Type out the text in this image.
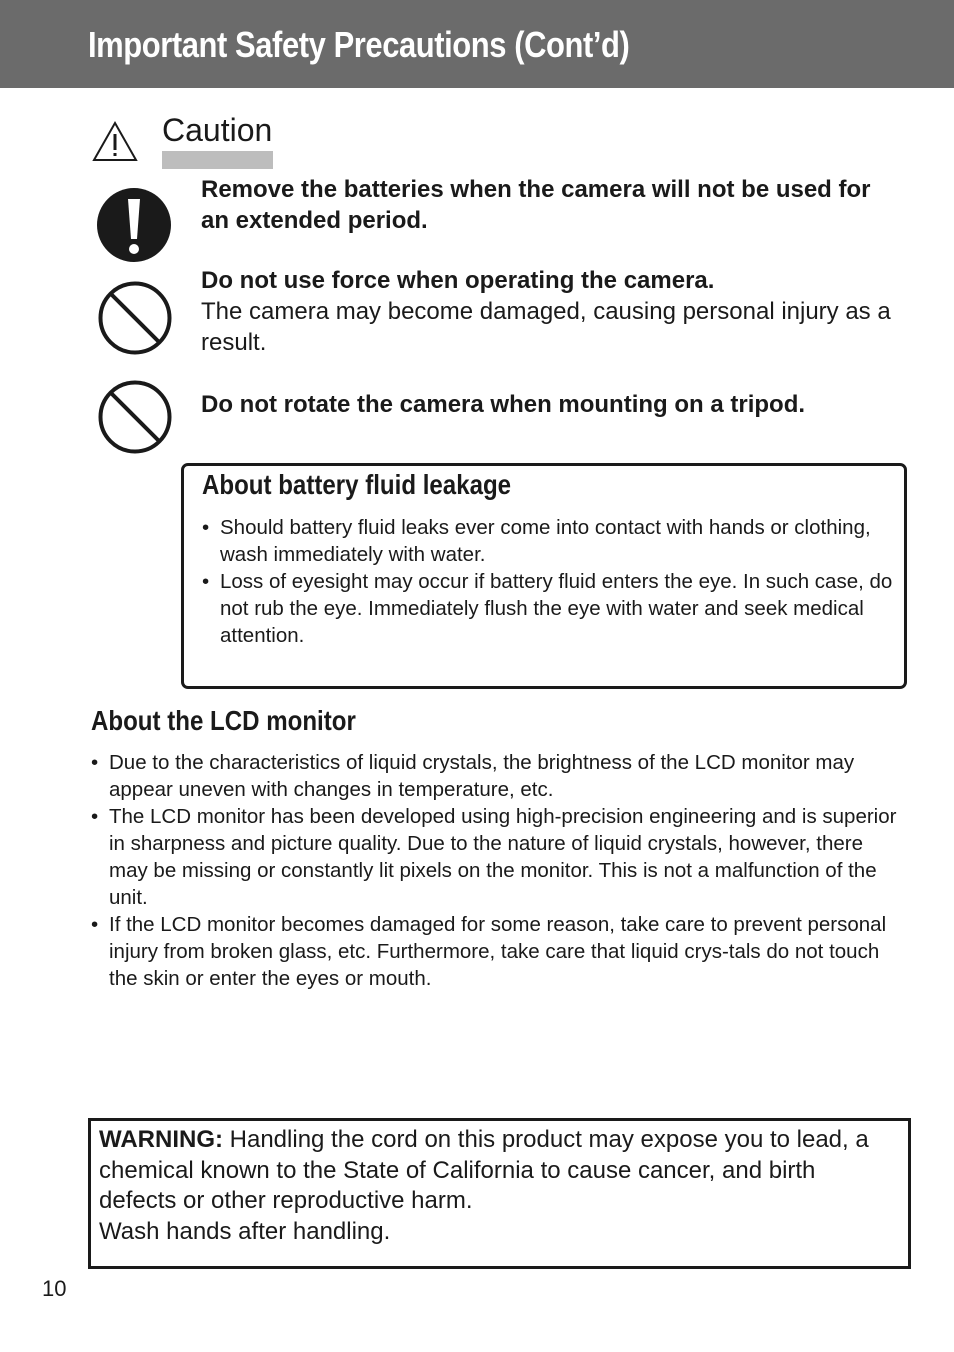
Important Safety Precautions (Cont’d)
Caution
Remove the batteries when the camera will not be used for an extended period.
Do not use force when operating the camera.
The camera may become damaged, causing personal injury as a result.
Do not rotate the camera when mounting on a tripod.
About battery fluid leakage
• Should battery fluid leaks ever come into contact with hands or clothing, wash immediately with water.
• Loss of eyesight may occur if battery fluid enters the eye. In such case, do not rub the eye. Immediately flush the eye with water and seek medical attention.
About the LCD monitor
• Due to the characteristics of liquid crystals, the brightness of the LCD monitor may appear uneven with changes in temperature, etc.
• The LCD monitor has been developed using high-precision engineering and is superior in sharpness and picture quality. Due to the nature of liquid crystals, however, there may be missing or constantly lit pixels on the monitor. This is not a malfunction of the unit.
• If the LCD monitor becomes damaged for some reason, take care to prevent personal injury from broken glass, etc. Furthermore, take care that liquid crys-tals do not touch the skin or enter the eyes or mouth.
WARNING: Handling the cord on this product may expose you to lead, a chemical known to the State of California to cause cancer, and birth defects or other reproductive harm.
Wash hands after handling.
10
